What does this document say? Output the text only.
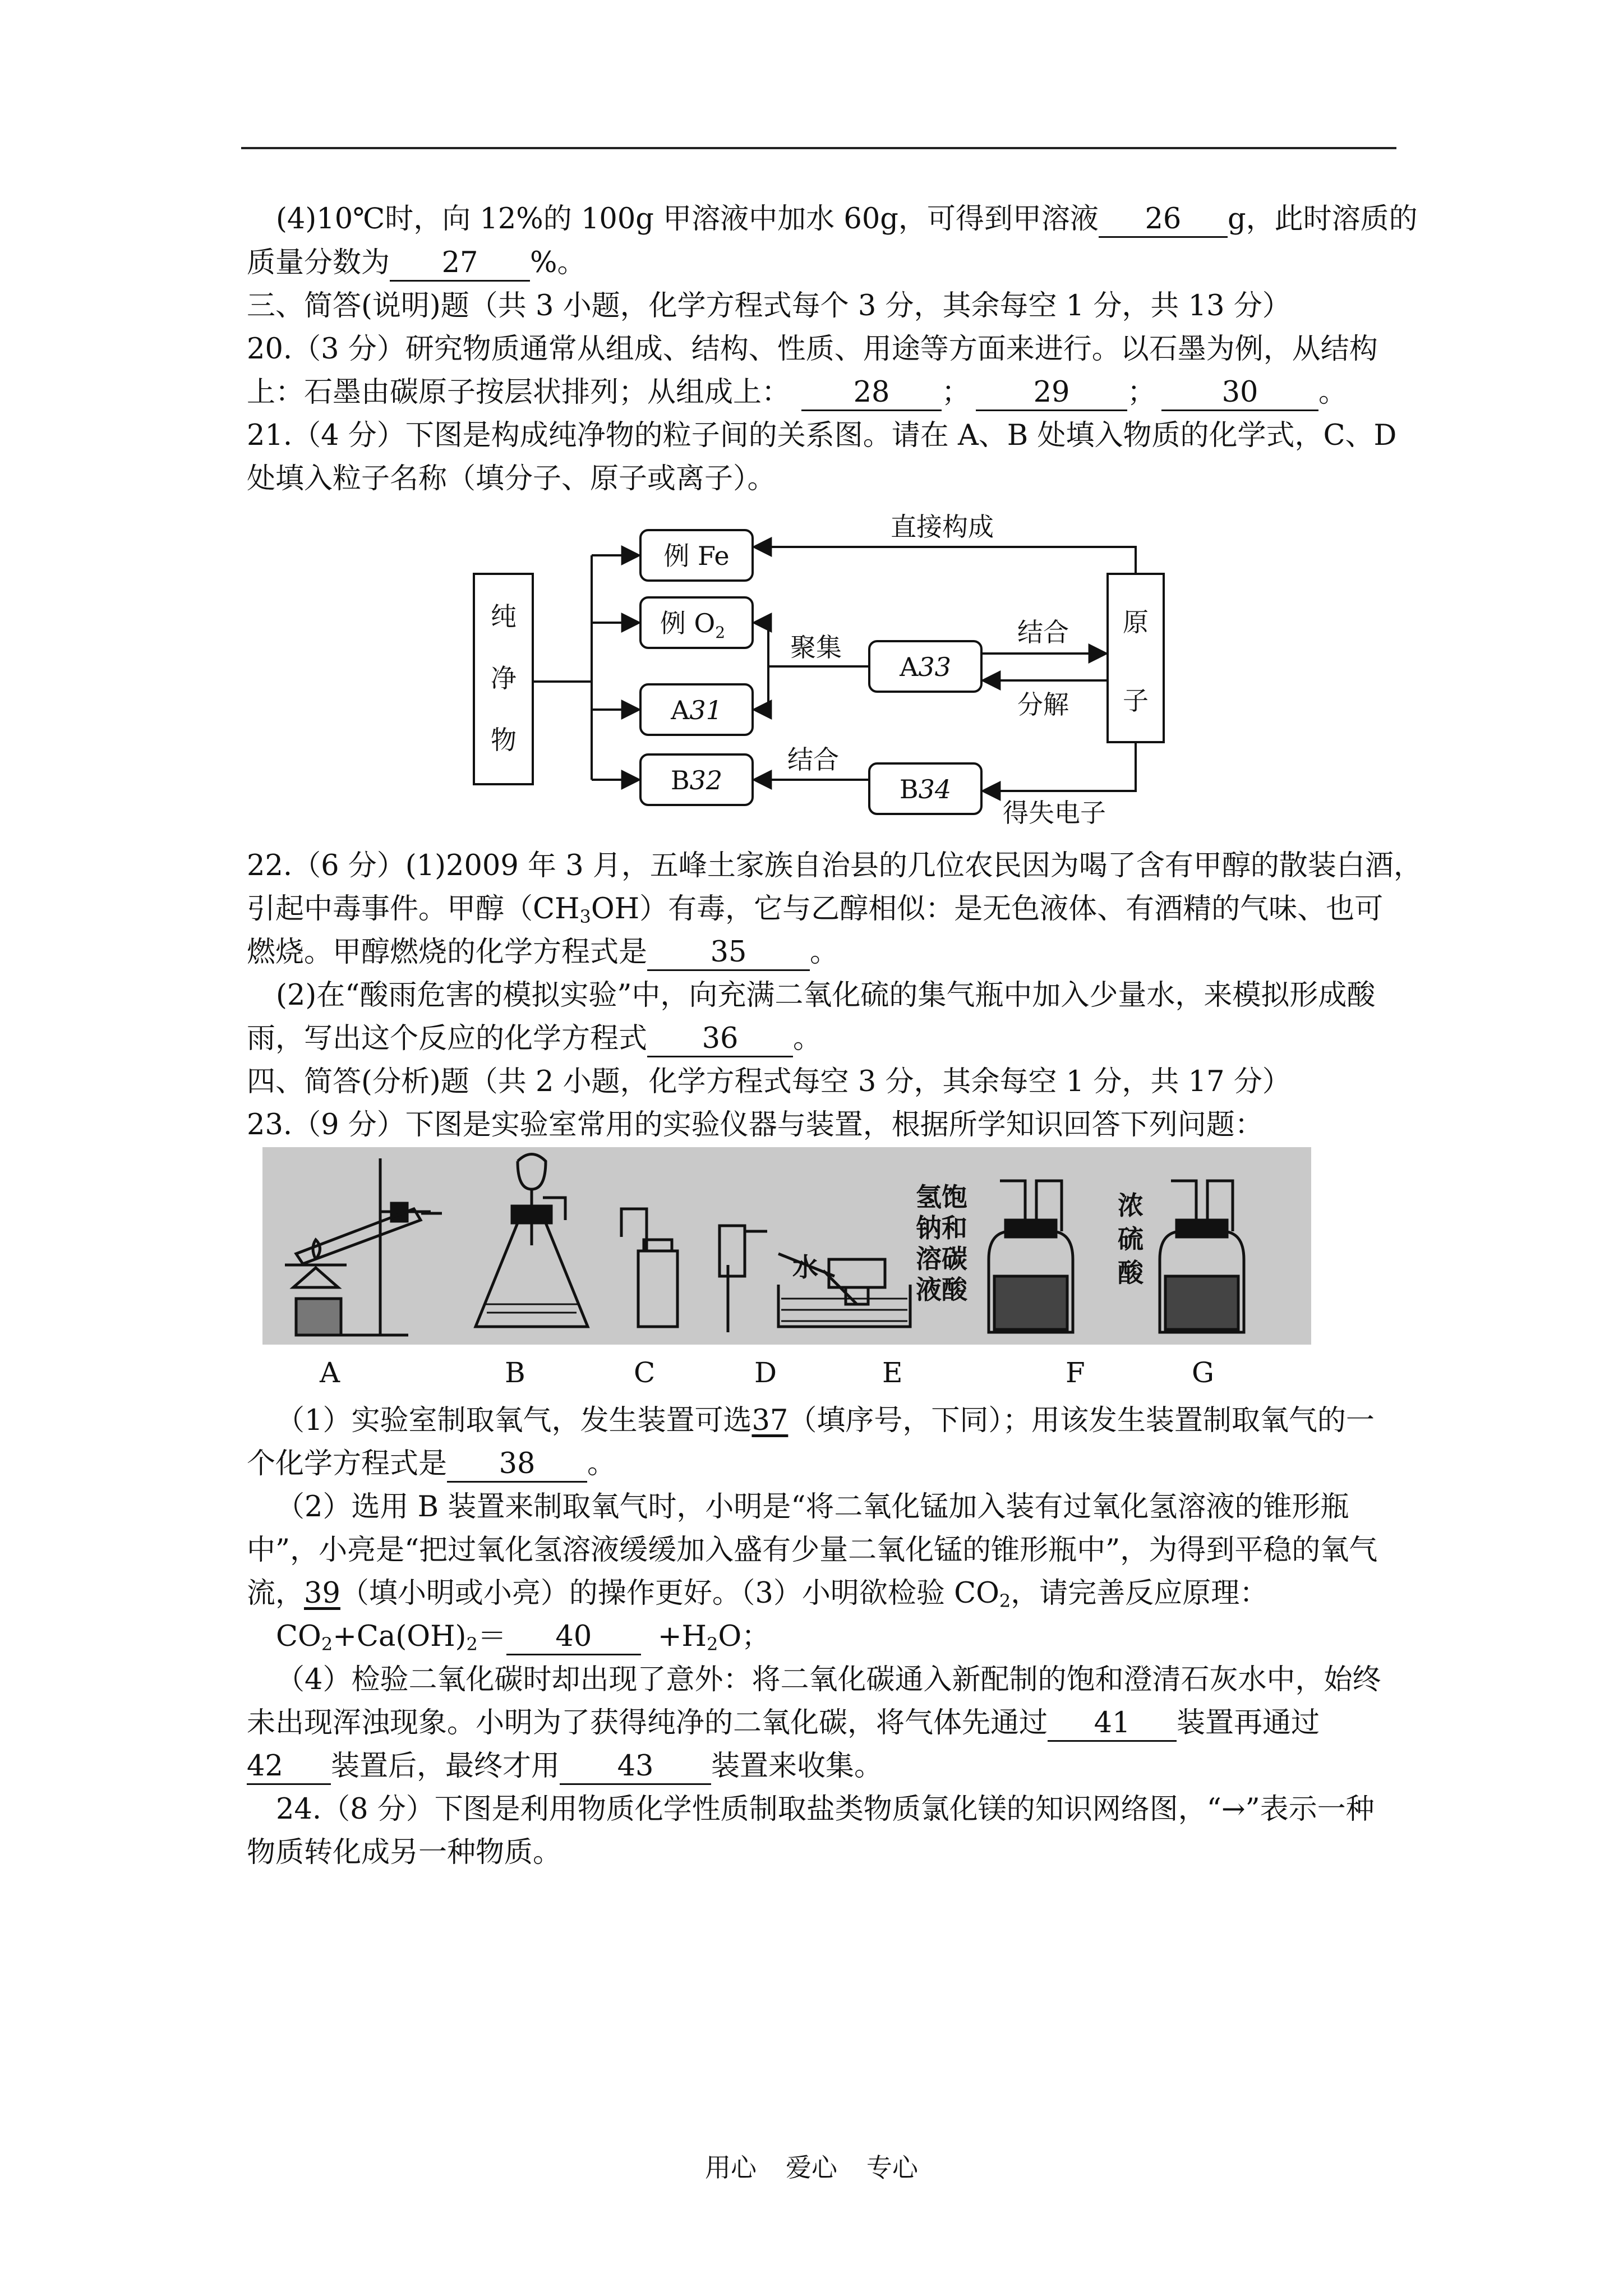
(4)10℃时，向 12%的 100g 甲溶液中加水 60g，可得到甲溶液 26 g，此时溶质的
质量分数为 27 %。
三、简答(说明)题（共 3 小题，化学方程式每个 3 分，其余每空 1 分，共 13 分）
20.（3 分）研究物质通常从组成、结构、性质、用途等方面来进行。以石墨为例，从结构
上：石墨由碳原子按层状排列；从组成上： 28 ； 29 ； 30 。
21.（4 分）下图是构成纯净物的粒子间的关系图。请在 A、B 处填入物质的化学式，C、D
处填入粒子名称（填分子、原子或离子）。
纯
净
物
原
子
例 Fe
例 $O_2$
A31
B32
A33
B34
直接构成
聚集	结合
分解
结合
得失电子
22.（6 分）(1)2009 年 3 月，五峰土家族自治县的几位农民因为喝了含有甲醇的散装白酒，
引起中毒事件。甲醇$(CH_3OH)$有毒，它与乙醇相似：是无色液体、有酒精的气味、也可
燃烧。甲醇燃烧的化学方程式是 35 。
(2)在“酸雨危害的模拟实验”中，向充满二氧化硫的集气瓶中加入少量水，来模拟形成酸
雨，写出这个反应的化学方程式 36 。
四、简答(分析)题（共 2 小题，化学方程式每空 3 分，其余每空 1 分，共 17 分）
23.（9 分）下图是实验室常用的实验仪器与装置，根据所学知识回答下列问题：
水
氢饱
钠和
溶碳
液酸
浓
硫
酸
A	B	C	D	E	F	G
（1）实验室制取氧气，发生装置可选37（填序号，下同）；用该发生装置制取氧气的一
个化学方程式是 38 。
（2）选用 B 装置来制取氧气时，小明是“将二氧化锰加入装有过氧化氢溶液的锥形瓶
中”，小亮是“把过氧化氢溶液缓缓加入盛有少量二氧化锰的锥形瓶中”，为得到平稳的氧气
流，39（填小明或小亮）的操作更好。（3）小明欲检验 $CO_2$，请完善反应原理：
$CO_2+Ca(OH)_2= 40 +H_2O$；
（4）检验二氧化碳时却出现了意外：将二氧化碳通入新配制的饱和澄清石灰水中，始终
未出现浑浊现象。小明为了获得纯净的二氧化碳，将气体先通过 41 装置再通过
42 装置后，最终才用 43 装置来收集。
24.（8 分）下图是利用物质化学性质制取盐类物质氯化镁的知识网络图，“→”表示一种
物质转化成另一种物质。
用心 爱心 专心
